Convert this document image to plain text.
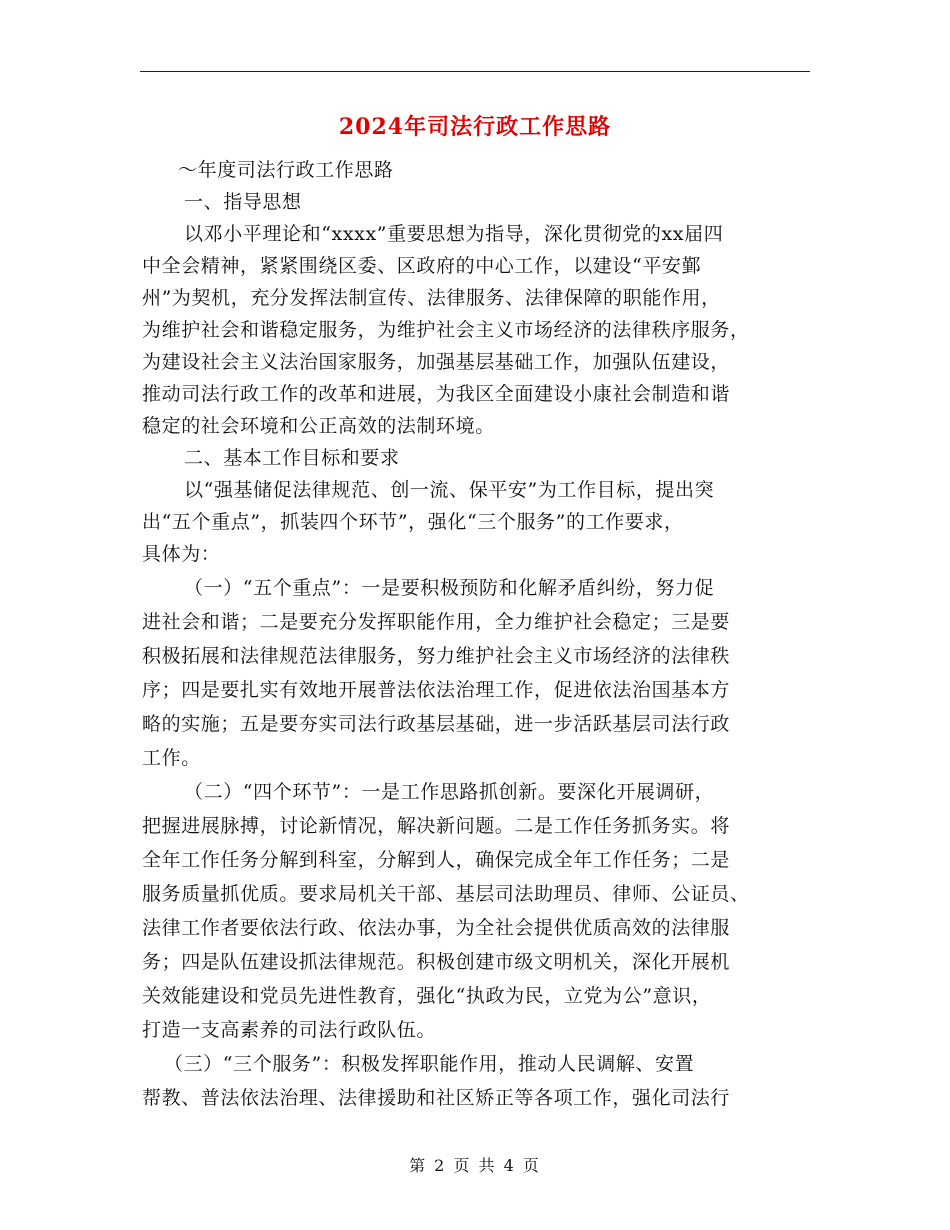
2024年司法行政工作思路
～年度司法行政工作思路
一、指导思想
以邓小平理论和“xxxx”重要思想为指导，深化贯彻党的xx届四
中全会精神，紧紧围绕区委、区政府的中心工作，以建设“平安鄞
州”为契机，充分发挥法制宣传、法律服务、法律保障的职能作用，
为维护社会和谐稳定服务，为维护社会主义市场经济的法律秩序服务，
为建设社会主义法治国家服务，加强基层基础工作，加强队伍建设，
推动司法行政工作的改革和进展，为我区全面建设小康社会制造和谐
稳定的社会环境和公正高效的法制环境。
二、基本工作目标和要求
以“强基储促法律规范、创一流、保平安”为工作目标，提出突
出“五个重点”，抓装四个环节”，强化“三个服务”的工作要求，
具体为：
（一）“五个重点”：一是要积极预防和化解矛盾纠纷，努力促
进社会和谐；二是要充分发挥职能作用，全力维护社会稳定；三是要
积极拓展和法律规范法律服务，努力维护社会主义市场经济的法律秩
序；四是要扎实有效地开展普法依法治理工作，促进依法治国基本方
略的实施；五是要夯实司法行政基层基础，进一步活跃基层司法行政
工作。
（二）“四个环节”：一是工作思路抓创新。要深化开展调研，
把握进展脉搏，讨论新情况，解决新问题。二是工作任务抓务实。将
全年工作任务分解到科室，分解到人，确保完成全年工作任务；二是
服务质量抓优质。要求局机关干部、基层司法助理员、律师、公证员、
法律工作者要依法行政、依法办事，为全社会提供优质高效的法律服
务；四是队伍建设抓法律规范。积极创建市级文明机关，深化开展机
关效能建设和党员先进性教育，强化“执政为民，立党为公”意识，
打造一支高素养的司法行政队伍。
（三）“三个服务”：积极发挥职能作用，推动人民调解、安置
帮教、普法依法治理、法律援助和社区矫正等各项工作，强化司法行
第 2 页 共 4 页
